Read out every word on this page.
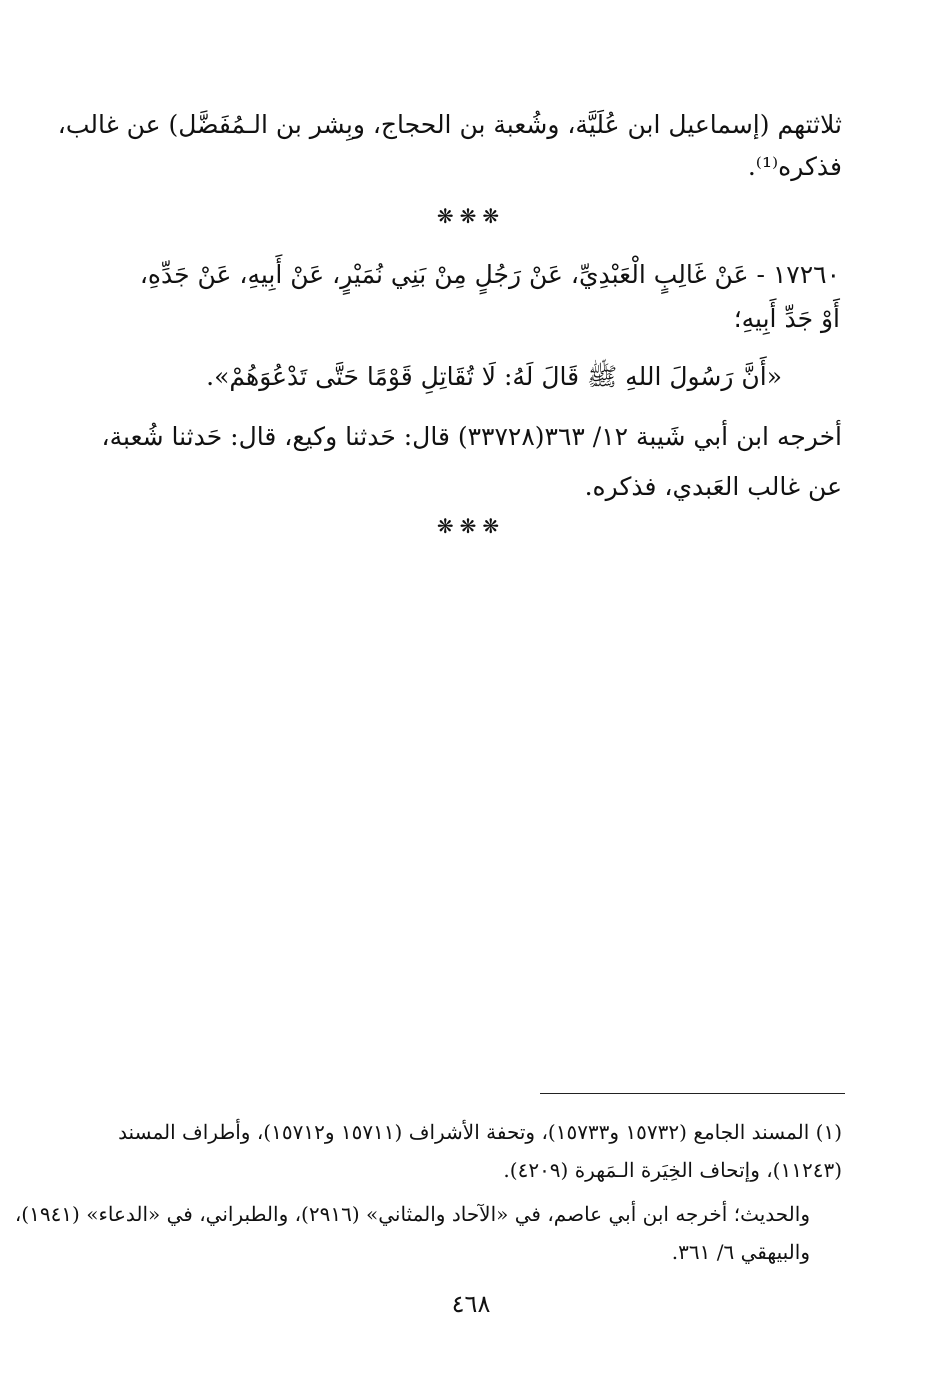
ثلاثتهم (إسماعيل ابن عُلَيَّة، وشُعبة بن الحجاج، وبِشر بن الـمُفَضَّل) عن غالب،
فذكره⁽¹⁾.
❋❋❋
١٧٢٦٠ - عَنْ غَالِبٍ الْعَبْدِيِّ، عَنْ رَجُلٍ مِنْ بَنِي نُمَيْرٍ، عَنْ أَبِيهِ، عَنْ جَدِّهِ،
أَوْ جَدِّ أَبِيهِ؛
«أَنَّ رَسُولَ اللهِ ﷺ قَالَ لَهُ: لَا تُقَاتِلِ قَوْمًا حَتَّى تَدْعُوَهُمْ».
أخرجه ابن أبي شَيبة ١٢/ ٣٦٣(٣٣٧٢٨) قال: حَدثنا وكيع، قال: حَدثنا شُعبة،
عن غالب العَبدي، فذكره.
❋❋❋
(١) المسند الجامع (١٥٧٣٢ و١٥٧٣٣)، وتحفة الأشراف (١٥٧١١ و١٥٧١٢)، وأطراف المسند
(١١٢٤٣)، وإتحاف الخِيَرة الـمَهرة (٤٢٠٩).
والحديث؛ أخرجه ابن أبي عاصم، في «الآحاد والمثاني» (٢٩١٦)، والطبراني، في «الدعاء» (١٩٤١)،
والبيهقي ٦/ ٣٦١.
٤٦٨
